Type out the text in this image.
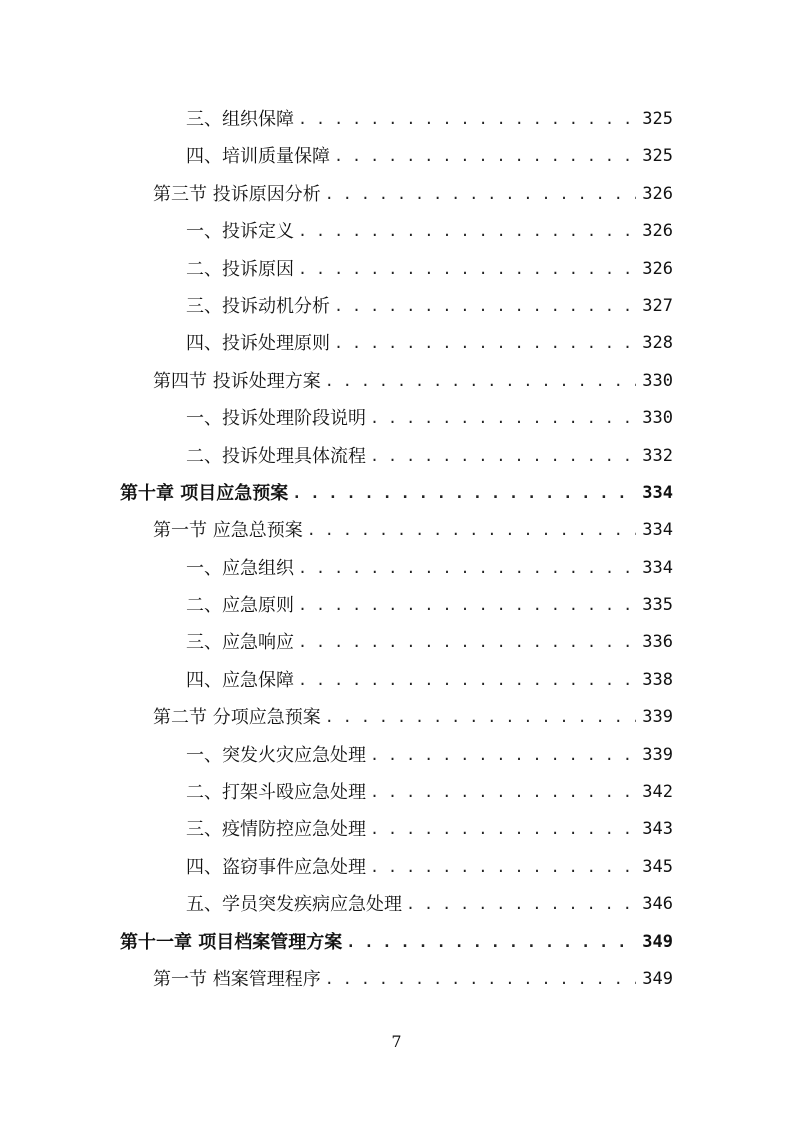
三、组织保障 . . .	325
四、培训质量保障 . . .	325
第三节 投诉原因分析 . . .	326
一、投诉定义 . . .	326
二、投诉原因 . . .	326
三、投诉动机分析 . . .	327
四、投诉处理原则 . . .	328
第四节 投诉处理方案 . . .	330
一、投诉处理阶段说明 . . .	330
二、投诉处理具体流程 . . .	332
第十章 项目应急预案 . . .	334
第一节 应急总预案 . . .	334
一、应急组织 . . .	334
二、应急原则 . . .	335
三、应急响应 . . .	336
四、应急保障 . . .	338
第二节 分项应急预案 . . .	339
一、突发火灾应急处理 . . .	339
二、打架斗殴应急处理 . . .	342
三、疫情防控应急处理 . . .	343
四、盗窃事件应急处理 . . .	345
五、学员突发疾病应急处理 . . .	346
第十一章 项目档案管理方案 . . .	349
第一节 档案管理程序 . . .	349
7
